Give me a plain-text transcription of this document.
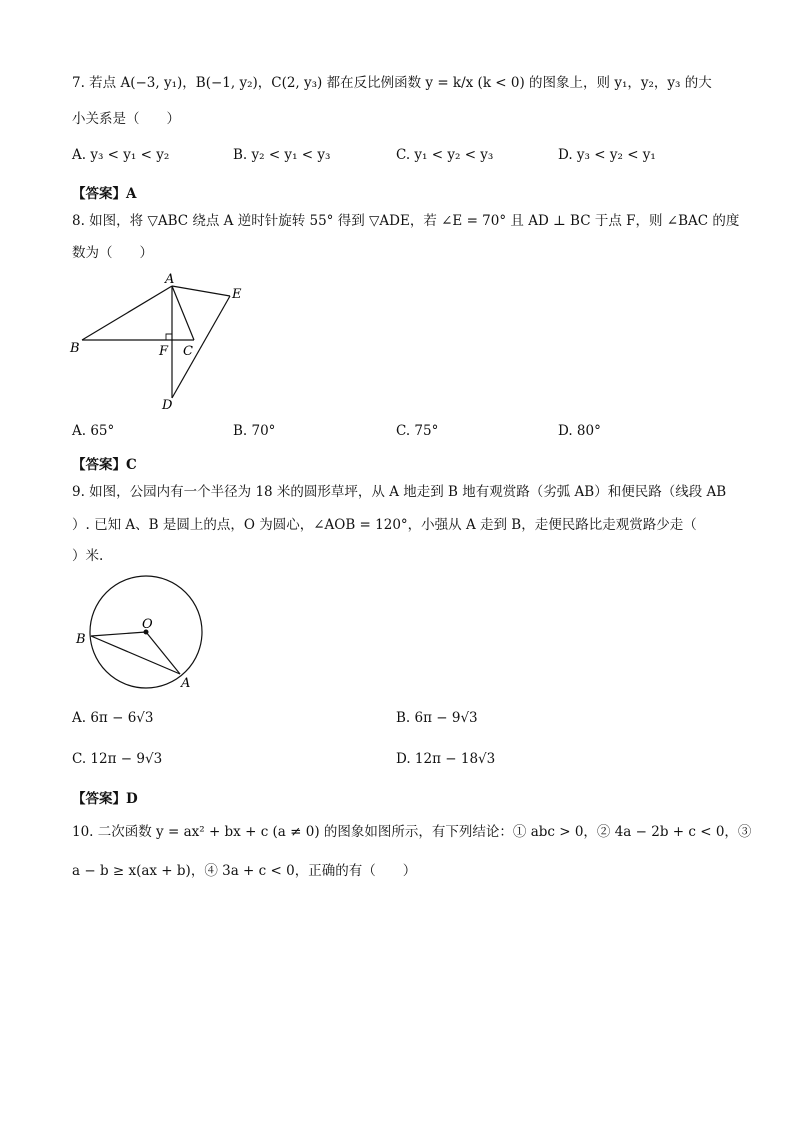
7. 若点 A(−3, y₁)，B(−1, y₂)，C(2, y₃) 都在反比例函数 y = k/x (k < 0) 的图象上，则 y₁，y₂，y₃ 的大
小关系是（　　）
A. y₃ < y₁ < y₂	B. y₂ < y₁ < y₃	C. y₁ < y₂ < y₃	D. y₃ < y₂ < y₁
【答案】A
8. 如图，将 ▽ABC 绕点 A 逆时针旋转 55° 得到 ▽ADE，若 ∠E = 70° 且 AD ⊥ BC 于点 F，则 ∠BAC 的度
数为（　　）
A
E
B	F C
D
A. 65°	B. 70°	C. 75°	D. 80°
【答案】C
9. 如图，公园内有一个半径为 18 米的圆形草坪，从 A 地走到 B 地有观赏路（劣弧 AB）和便民路（线段 AB
）. 已知 A、B 是圆上的点，O 为圆心，∠AOB = 120°，小强从 A 走到 B，走便民路比走观赏路少走（
）米.
O
B
A
A. 6π − 6√3	B. 6π − 9√3
C. 12π − 9√3	D. 12π − 18√3
【答案】D
10. 二次函数 y = ax² + bx + c (a ≠ 0) 的图象如图所示，有下列结论：① abc > 0，② 4a − 2b + c < 0，③
a − b ≥ x(ax + b)，④ 3a + c < 0，正确的有（　　）
